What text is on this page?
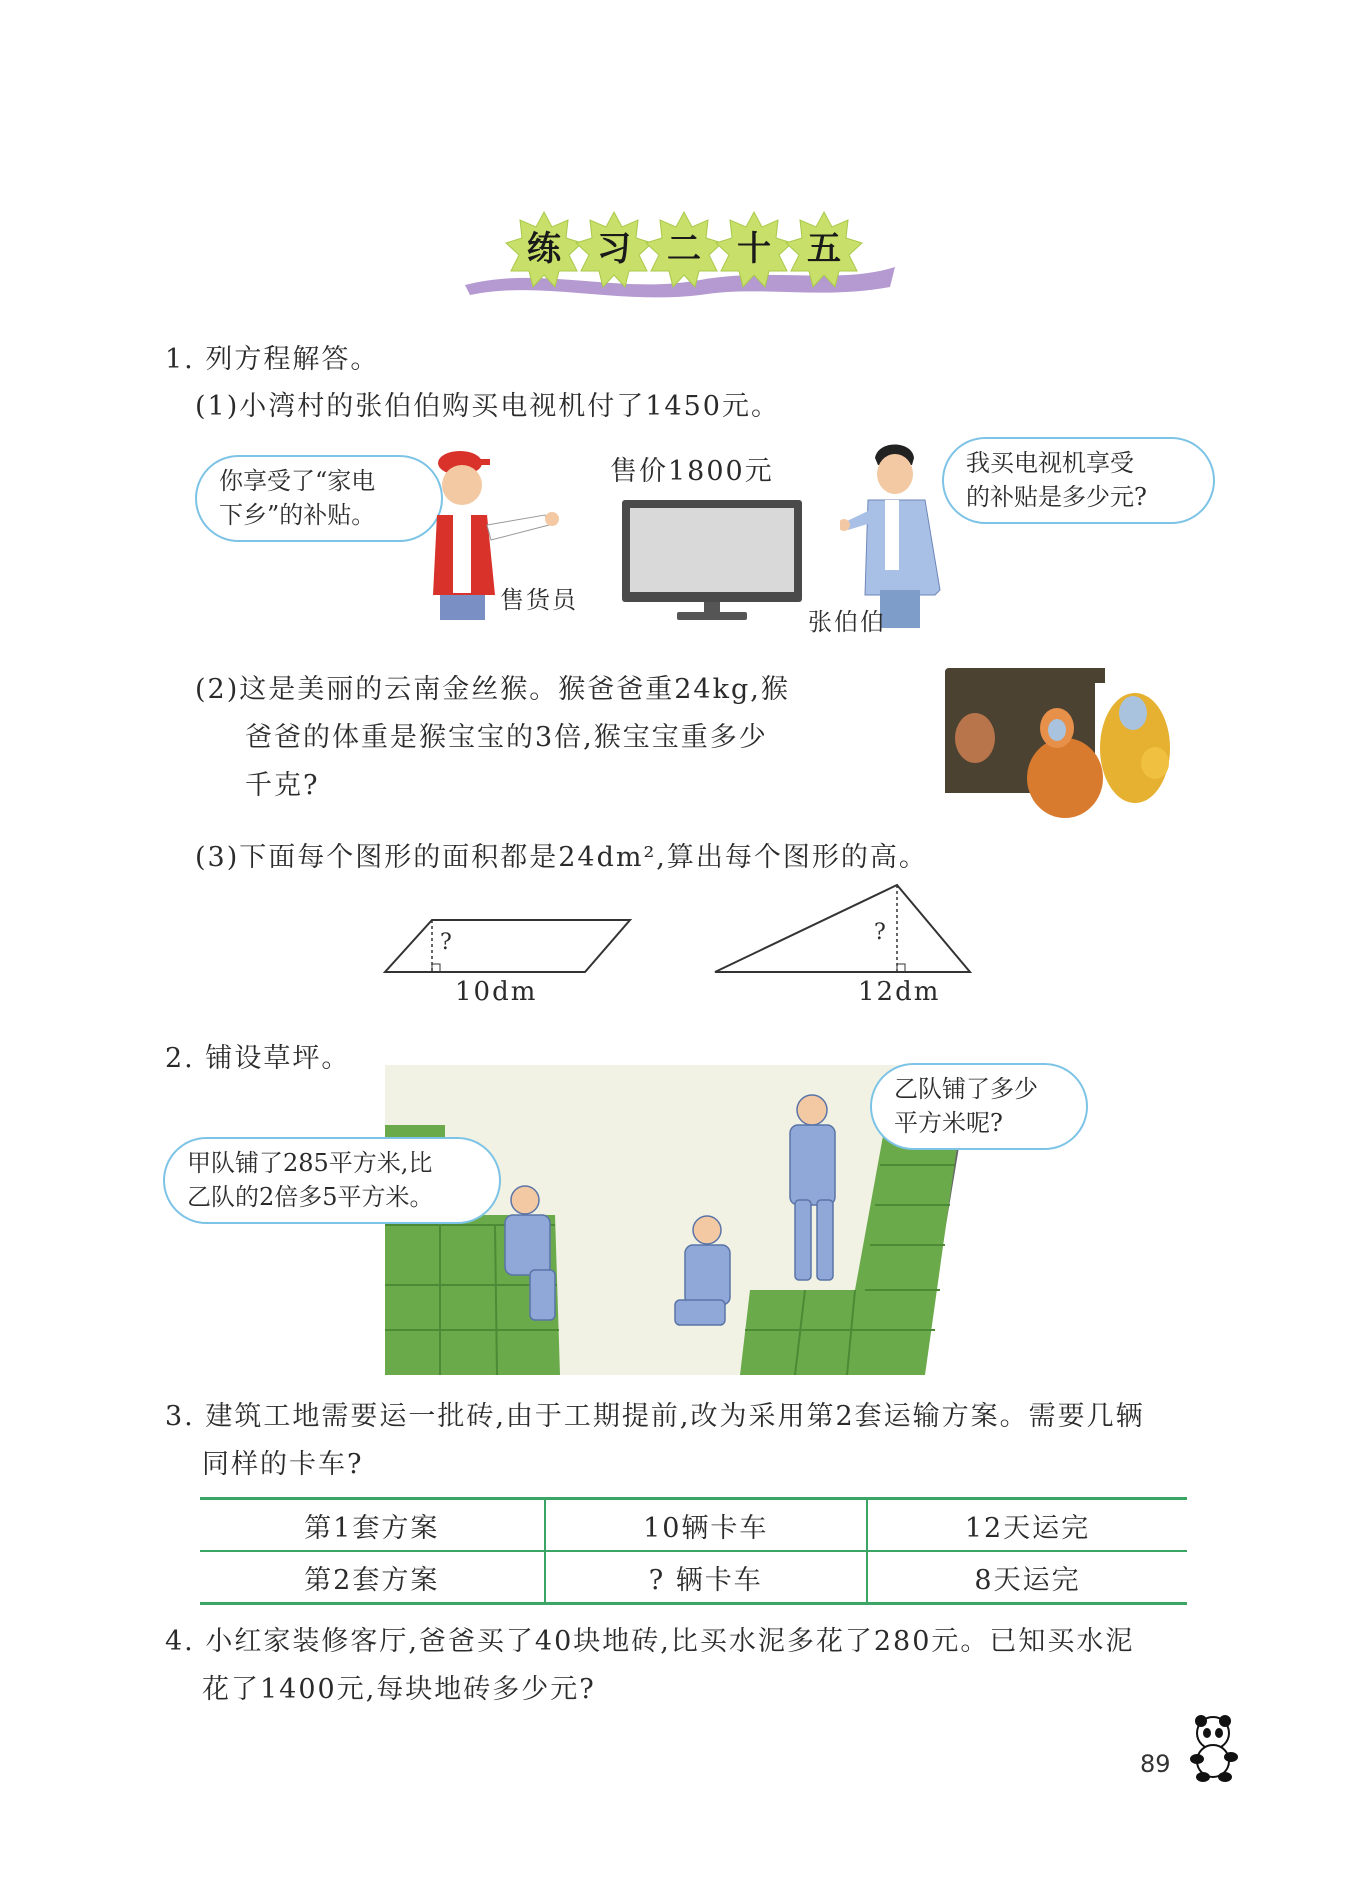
练	习	二	十	五
1. 列方程解答。
(1)小湾村的张伯伯购买电视机付了1450元。
你享受了“家电
下乡”的补贴。
售货员
售价1800元
张伯伯
我买电视机享受
的补贴是多少元?
(2)这是美丽的云南金丝猴。猴爸爸重24kg,猴
爸爸的体重是猴宝宝的3倍,猴宝宝重多少
千克?
(3)下面每个图形的面积都是24dm²,算出每个图形的高。
?
10dm
?
12dm
2. 铺设草坪。
甲队铺了285平方米,比
乙队的2倍多5平方米。
乙队铺了多少
平方米呢?
3. 建筑工地需要运一批砖,由于工期提前,改为采用第2套运输方案。需要几辆
同样的卡车?
第1套方案	10辆卡车	12天运完
第2套方案	? 辆卡车	8天运完
4. 小红家装修客厅,爸爸买了40块地砖,比买水泥多花了280元。已知买水泥
花了1400元,每块地砖多少元?
89
